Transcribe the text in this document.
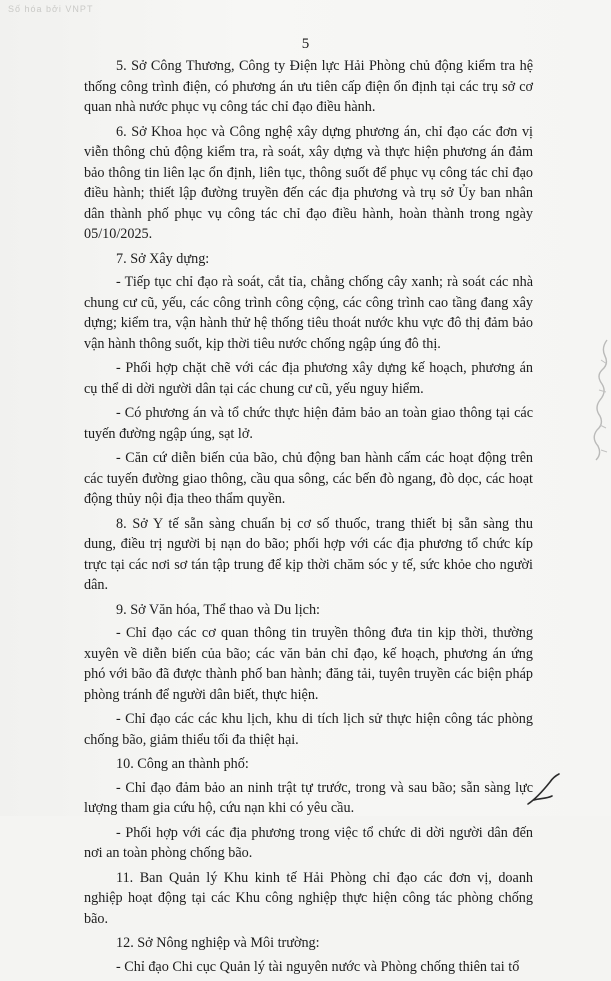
Số hóa bởi VNPT
5

5. Sở Công Thương, Công ty Điện lực Hải Phòng chủ động kiểm tra hệ thống công trình điện, có phương án ưu tiên cấp điện ổn định tại các trụ sở cơ quan nhà nước phục vụ công tác chỉ đạo điều hành.

6. Sở Khoa học và Công nghệ xây dựng phương án, chỉ đạo các đơn vị viễn thông chủ động kiểm tra, rà soát, xây dựng và thực hiện phương án đảm bảo thông tin liên lạc ổn định, liên tục, thông suốt để phục vụ công tác chỉ đạo điều hành; thiết lập đường truyền đến các địa phương và trụ sở Ủy ban nhân dân thành phố phục vụ công tác chỉ đạo điều hành, hoàn thành trong ngày 05/10/2025.

7. Sở Xây dựng:

- Tiếp tục chỉ đạo rà soát, cắt tỉa, chằng chống cây xanh; rà soát các nhà chung cư cũ, yếu, các công trình công cộng, các công trình cao tầng đang xây dựng; kiểm tra, vận hành thử hệ thống tiêu thoát nước khu vực đô thị đảm bảo vận hành thông suốt, kịp thời tiêu nước chống ngập úng đô thị.

- Phối hợp chặt chẽ với các địa phương xây dựng kế hoạch, phương án cụ thể di dời người dân tại các chung cư cũ, yếu nguy hiểm.

- Có phương án và tổ chức thực hiện đảm bảo an toàn giao thông tại các tuyến đường ngập úng, sạt lở.

- Căn cứ diễn biến của bão, chủ động ban hành cấm các hoạt động trên các tuyến đường giao thông, cầu qua sông, các bến đò ngang, đò dọc, các hoạt động thủy nội địa theo thẩm quyền.

8. Sở Y tế sẵn sàng chuẩn bị cơ số thuốc, trang thiết bị sẵn sàng thu dung, điều trị người bị nạn do bão; phối hợp với các địa phương tổ chức kíp trực tại các nơi sơ tán tập trung để kịp thời chăm sóc y tế, sức khỏe cho người dân.

9. Sở Văn hóa, Thể thao và Du lịch:

- Chỉ đạo các cơ quan thông tin truyền thông đưa tin kịp thời, thường xuyên về diễn biến của bão; các văn bản chỉ đạo, kế hoạch, phương án ứng phó với bão đã được thành phố ban hành; đăng tải, tuyên truyền các biện pháp phòng tránh để người dân biết, thực hiện.

- Chỉ đạo các các khu lịch, khu di tích lịch sử thực hiện công tác phòng chống bão, giảm thiểu tối đa thiệt hại.

10. Công an thành phố:

- Chỉ đạo đảm bảo an ninh trật tự trước, trong và sau bão; sẵn sàng lực lượng tham gia cứu hộ, cứu nạn khi có yêu cầu.

- Phối hợp với các địa phương trong việc tổ chức di dời người dân đến nơi an toàn phòng chống bão.

11. Ban Quản lý Khu kinh tế Hải Phòng chỉ đạo các đơn vị, doanh nghiệp hoạt động tại các Khu công nghiệp thực hiện công tác phòng chống bão.

12. Sở Nông nghiệp và Môi trường:

- Chỉ đạo Chi cục Quản lý tài nguyên nước và Phòng chống thiên tai tổ
